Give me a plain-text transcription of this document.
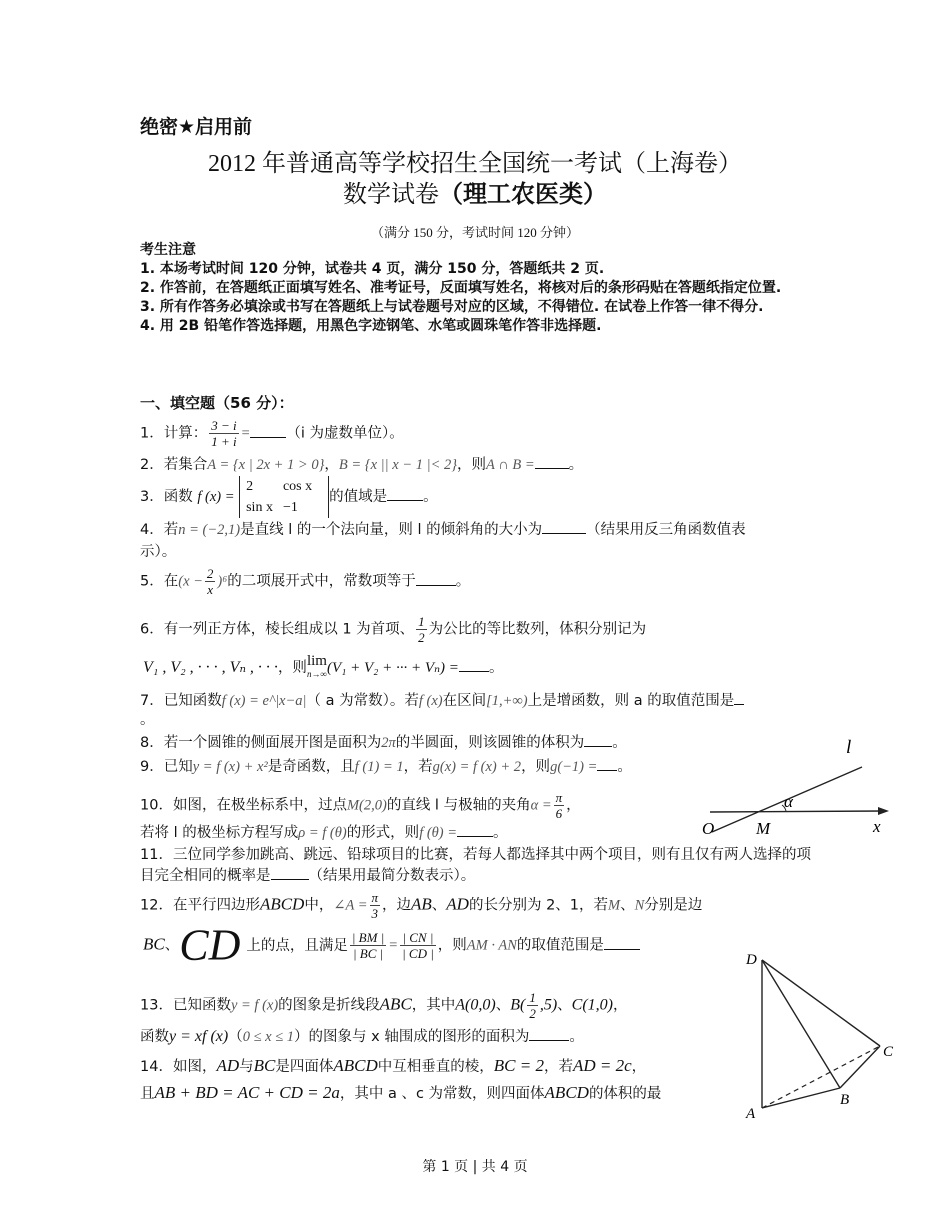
绝密★启用前
2012 年普通高等学校招生全国统一考试（上海卷）
数学试卷（理工农医类）
（满分 150 分，考试时间 120 分钟）
考生注意
1. 本场考试时间 120 分钟，试卷共 4 页，满分 150 分，答题纸共 2 页.
2. 作答前，在答题纸正面填写姓名、准考证号，反面填写姓名，将核对后的条形码贴在答题纸指定位置.
3. 所有作答务必填涂或书写在答题纸上与试卷题号对应的区域，不得错位. 在试卷上作答一律不得分.
4. 用 2B 铅笔作答选择题，用黑色字迹钢笔、水笔或圆珠笔作答非选择题.
一、填空题（56 分）：
1．计算： $\frac{3 - i}{1 + i} = (i$ 为虚数单位）。
2．若集合A = {x | 2x + 1 > 0}，B = {x || x − 1 |< 2}，则A ∩ B = 。
3．函数 f (x) = 2	cos x
sin x	−1的值域是 。
4．若n = (−2,1)是直线 l 的一个法向量，则 l 的倾斜角的大小为	（结果用反三角函数值表
示）。
5．在$(x - \frac{2}{x} )^6$的二项展开式中，常数项等于	。
6．有一列正方体，棱长组成以 1 为首项、 $\frac{1}{2}$ 为公比的等比数列，体积分别记为
V₁ , V₂ , · · · , Vₙ , · · ·，则 lim
n→∞ (V₁ + V₂ + ··· + Vₙ) = 。
7．已知函数f (x) = e^|x−a|（ a 为常数）。若f (x)在区间[1,+∞)上是增函数，则 a 的取值范围是
。
8．若一个圆锥的侧面展开图是面积为2π的半圆面，则该圆锥的体积为 。
9．已知y = f (x) + x²是奇函数，且f (1) = 1，若g(x) = f (x) + 2，则g(−1) = 。
10．如图，在极坐标系中，过点M(2,0)的直线 l 与极轴的夹角$\alpha = \frac{\pi}{6}$ ，
若将 l 的极坐标方程写成ρ = f (θ)的形式，则f (θ) = 。
l
α
O M	x
11．三位同学参加跳高、跳远、铅球项目的比赛，若每人都选择其中两个项目，则有且仅有两人选择的项目完全相同的概率是	（结果用最简分数表示）。
12．在平行四边形ABCD中，∠A = $\frac{\pi}{3}$ ，边AB、AD的长分别为 2、1，若M、N分别是边
BC、CD 上的点，且满足 $\frac{| BM |}{| BC |} = \frac{| CN |}{| CD |}$ ，则AM · AN的取值范围是
13．已知函数y = f (x)的图象是折线段ABC，其中A(0,0)、$B( \frac{1}{2} ,5)$、C(1,0)，
函数y = xf (x)（0 ≤ x ≤ 1）的图象与 x 轴围成的图形的面积为	。
14．如图，AD与BC是四面体ABCD中互相垂直的棱，BC = 2，若AD = 2c，
且AB + BD = AC + CD = 2a，其中 a 、c 为常数，则四面体ABCD的体积的最
D
C
A
B
第 1 页 | 共 4 页
